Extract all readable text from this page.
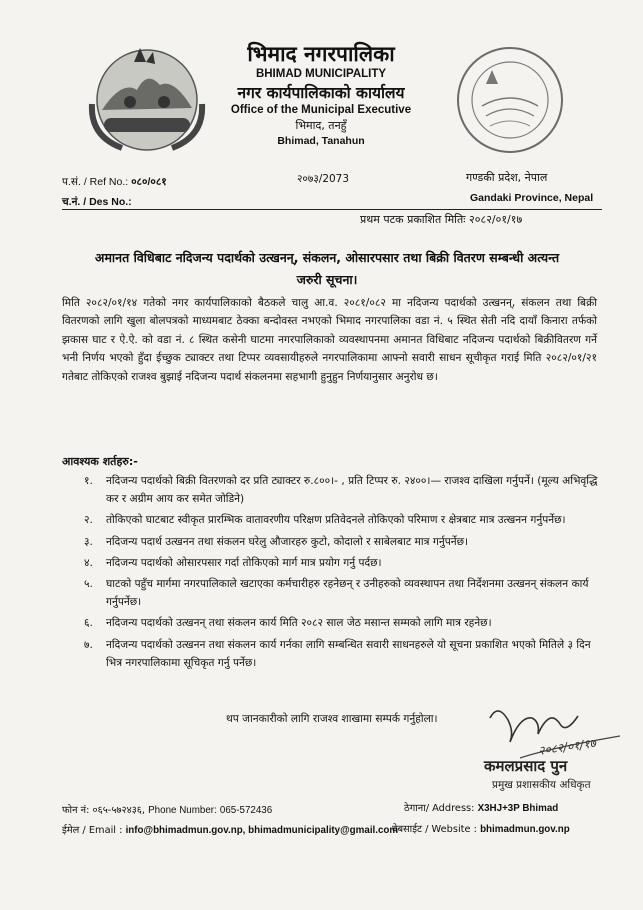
भिमाद नगरपालिका
BHIMAD MUNICIPALITY
नगर कार्यपालिकाको कार्यालय
Office of the Municipal Executive
भिमाद, तनहुँ
Bhimad, Tanahun
२०७३/2073
प.सं. / Ref No.: ०८०/०८१
च.नं. / Des No.:
गण्डकी प्रदेश, नेपाल
Gandaki Province, Nepal
प्रथम पटक प्रकाशित मितिः २०८२/०१/१७
अमानत विधिबाट नदिजन्य पदार्थको उत्खनन्, संकलन, ओसारपसार तथा बिक्री वितरण सम्बन्धी अत्यन्त
जरुरी सूचना।
मिति २०८२/०१/१४ गतेको नगर कार्यपालिकाको बैठकले चालु आ.व. २०८१/०८२ मा नदिजन्य पदार्थको उत्खनन्, संकलन तथा बिक्री वितरणको लागि खुला बोलपत्रको माध्यमबाट ठेक्का बन्दोवस्त नभएको भिमाद नगरपालिका वडा नं. ५ स्थित सेती नदि दायाँ किनारा तर्फको झकास घाट र ऐ.ऐ. को वडा नं. ८ स्थित कसेनी घाटमा नगरपालिकाको व्यवस्थापनमा अमानत विधिबाट नदिजन्य पदार्थको बिक्रीवितरण गर्ने भनी निर्णय भएको हुँदा ईच्छुक ट्याक्टर तथा टिप्पर व्यवसायीहरुले नगरपालिकामा आफ्नो सवारी साधन सूचीकृत गराई मिति २०८२/०१/२१ गतेबाट तोकिएको राजश्व बुझाई नदिजन्य पदार्थ संकलनमा सहभागी हुनुहुन निर्णयानुसार अनुरोध छ।
आवश्यक शर्तहरु:-
१. नदिजन्य पदार्थको बिक्री वितरणको दर प्रति ट्याक्टर रु.८००।- , प्रति टिप्पर रु. २४००।— राजश्व दाखिला गर्नुपर्ने। (मूल्य अभिवृद्धि कर र अग्रीम आय कर समेत जोडिने)
२. तोकिएको घाटबाट स्वीकृत प्रारम्भिक वातावरणीय परिक्षण प्रतिवेदनले तोकिएको परिमाण र क्षेत्रबाट मात्र उत्खनन गर्नुपर्नेछ।
३. नदिजन्य पदार्थ उत्खनन तथा संकलन घरेलु औजारहरु कुटो, कोदालो र साबेलबाट मात्र गर्नुपर्नेछ।
४. नदिजन्य पदार्थको ओसारपसार गर्दा तोकिएको मार्ग मात्र प्रयोग गर्नु पर्दछ।
५. घाटको पहुँच मार्गमा नगरपालिकाले खटाएका कर्मचारीहरु रहनेछन् र उनीहरुको व्यवस्थापन तथा निर्देशनमा उत्खनन् संकलन कार्य गर्नुपर्नेछ।
६. नदिजन्य पदार्थको उत्खनन् तथा संकलन कार्य मिति २०८२ साल जेठ मसान्त सम्मको लागि मात्र रहनेछ।
७. नदिजन्य पदार्थको उत्खनन तथा संकलन कार्य गर्नका लागि सम्बन्धित सवारी साधनहरुले यो सूचना प्रकाशित भएको मितिले ३ दिन भित्र नगरपालिकामा सूचिकृत गर्नु पर्नेछ।
थप जानकारीको लागि राजश्व शाखामा सम्पर्क गर्नुहोला।
२०८२/०१/१७
कमलप्रसाद पुन
प्रमुख प्रशासकीय अधिकृत
फोन नं: ०६५-५७२४३६, Phone Number: 065-572436
ईमेल / Email : info@bhimadmun.gov.np, bhimadmunicipality@gmail.com
ठेगाना/ Address: X3HJ+3P Bhimad
वेबसाईट / Website : bhimadmun.gov.np
